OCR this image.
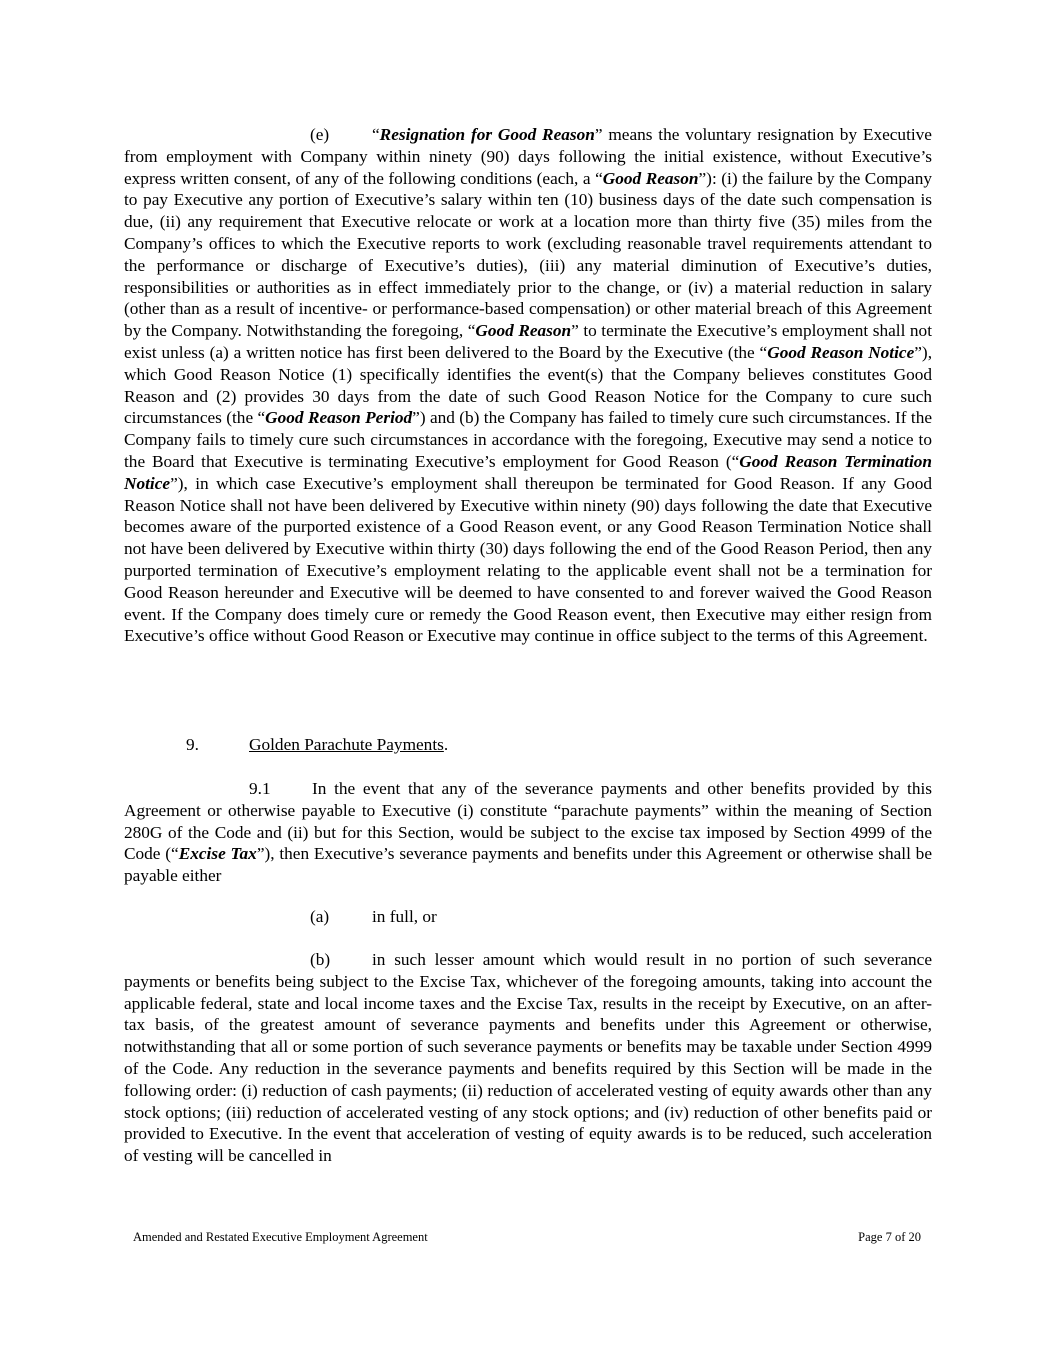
(e) “Resignation for Good Reason” means the voluntary resignation by Executive from employment with Company within ninety (90) days following the initial existence, without Executive’s express written consent, of any of the following conditions (each, a “Good Reason”): (i) the failure by the Company to pay Executive any portion of Executive’s salary within ten (10) business days of the date such compensation is due, (ii) any requirement that Executive relocate or work at a location more than thirty five (35) miles from the Company’s offices to which the Executive reports to work (excluding reasonable travel requirements attendant to the performance or discharge of Executive’s duties), (iii) any material diminution of Executive’s duties, responsibilities or authorities as in effect immediately prior to the change, or (iv) a material reduction in salary (other than as a result of incentive- or performance-based compensation) or other material breach of this Agreement by the Company. Notwithstanding the foregoing, “Good Reason” to terminate the Executive’s employment shall not exist unless (a) a written notice has first been delivered to the Board by the Executive (the “Good Reason Notice”), which Good Reason Notice (1) specifically identifies the event(s) that the Company believes constitutes Good Reason and (2) provides 30 days from the date of such Good Reason Notice for the Company to cure such circumstances (the “Good Reason Period”) and (b) the Company has failed to timely cure such circumstances. If the Company fails to timely cure such circumstances in accordance with the foregoing, Executive may send a notice to the Board that Executive is terminating Executive’s employment for Good Reason (“Good Reason Termination Notice”), in which case Executive’s employment shall thereupon be terminated for Good Reason. If any Good Reason Notice shall not have been delivered by Executive within ninety (90) days following the date that Executive becomes aware of the purported existence of a Good Reason event, or any Good Reason Termination Notice shall not have been delivered by Executive within thirty (30) days following the end of the Good Reason Period, then any purported termination of Executive’s employment relating to the applicable event shall not be a termination for Good Reason hereunder and Executive will be deemed to have consented to and forever waived the Good Reason event. If the Company does timely cure or remedy the Good Reason event, then Executive may either resign from Executive’s office without Good Reason or Executive may continue in office subject to the terms of this Agreement.

9.	Golden Parachute Payments.

9.1 In the event that any of the severance payments and other benefits provided by this Agreement or otherwise payable to Executive (i) constitute “parachute payments” within the meaning of Section 280G of the Code and (ii) but for this Section, would be subject to the excise tax imposed by Section 4999 of the Code (“Excise Tax”), then Executive’s severance payments and benefits under this Agreement or otherwise shall be payable either

(a) in full, or

(b) in such lesser amount which would result in no portion of such severance payments or benefits being subject to the Excise Tax, whichever of the foregoing amounts, taking into account the applicable federal, state and local income taxes and the Excise Tax, results in the receipt by Executive, on an after-tax basis, of the greatest amount of severance payments and benefits under this Agreement or otherwise, notwithstanding that all or some portion of such severance payments or benefits may be taxable under Section 4999 of the Code. Any reduction in the severance payments and benefits required by this Section will be made in the following order: (i) reduction of cash payments; (ii) reduction of accelerated vesting of equity awards other than any stock options; (iii) reduction of accelerated vesting of any stock options; and (iv) reduction of other benefits paid or provided to Executive. In the event that acceleration of vesting of equity awards is to be reduced, such acceleration of vesting will be cancelled in

Amended and Restated Executive Employment Agreement	Page 7 of 20
